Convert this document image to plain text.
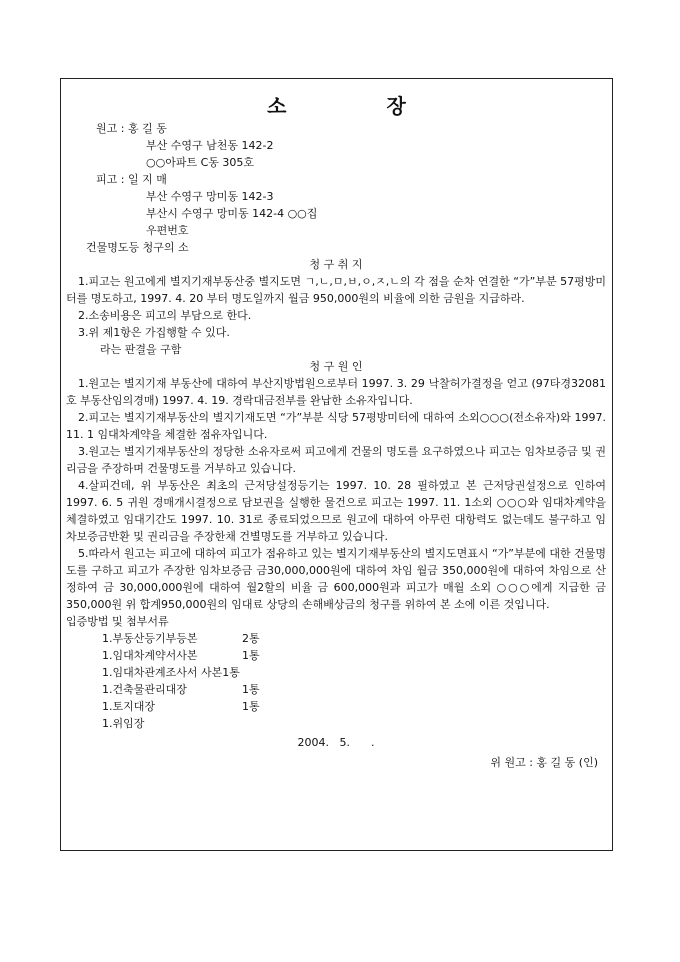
소	장
원고 : 홍 길 동
부산 수영구 남천동 142-2
○○아파트 C동 305호
피고 : 일 지 매
부산 수영구 망미동 142-3
부산시 수영구 망미동 142-4 ○○집
우편번호
건물명도등 청구의 소
청 구 취 지
1.피고는 원고에게 별지기재부동산중 별지도면 ㄱ,ㄴ,ㅁ,ㅂ,ㅇ,ㅈ,ㄴ의 각 점을 순차 연결한 “가”부분 57평방미터를 명도하고, 1997. 4. 20 부터 명도일까지 월금 950,000원의 비율에 의한 금원을 지급하라.
2.소송비용은 피고의 부담으로 한다.
3.위 제1항은 가집행할 수 있다.
라는 판결을 구함
청 구 원 인
1.원고는 별지기재 부동산에 대하여 부산지방법원으로부터 1997. 3. 29 낙찰허가결정을 얻고 (97타경32081호 부동산임의경매) 1997. 4. 19. 경락대금전부를 완납한 소유자입니다.
2.피고는 별지기재부동산의 별지기재도면 “가”부분 식당 57평방미터에 대하여 소외○○○(전소유자)와 1997. 11. 1 임대차계약을 체결한 점유자입니다.
3.원고는 별지기재부동산의 정당한 소유자로써 피고에게 건물의 명도를 요구하였으나 피고는 임차보증금 및 권리금을 주장하며 건물명도를 거부하고 있습니다.
4.살피건데, 위 부동산은 최초의 근저당설정등기는 1997. 10. 28 필하였고 본 근저당권설정으로 인하여 1997. 6. 5 귀원 경매개시결정으로 담보권을 실행한 물건으로 피고는 1997. 11. 1소외 ○○○와 임대차계약을 체결하였고 임대기간도 1997. 10. 31로 종료되었으므로 원고에 대하여 아무런 대항력도 없는데도 불구하고 임차보증금반환 및 권리금을 주장한채 건별명도를 거부하고 있습니다.
5.따라서 원고는 피고에 대하여 피고가 점유하고 있는 별지기재부동산의 별지도면표시 “가”부분에 대한 건물명도를 구하고 피고가 주장한 임차보증금 금30,000,000원에 대하여 차임 월금 350,000원에 대하여 차임으로 산정하여 금 30,000,000원에 대하여 월2할의 비율 금 600,000원과 피고가 매월 소외 ○○○에게 지급한 금 350,000원 위 합계950,000원의 임대료 상당의 손해배상금의 청구를 위하여 본 소에 이른 것입니다.
입증방법 및 첨부서류
1.부동산등기부등본	2통
1.임대차계약서사본	1통
1.임대차관계조사서 사본1통
1.건축물관리대장	1통
1.토지대장	1통
1.위임장
2004.   5.      .
위 원고 : 홍 길 동 (인)
